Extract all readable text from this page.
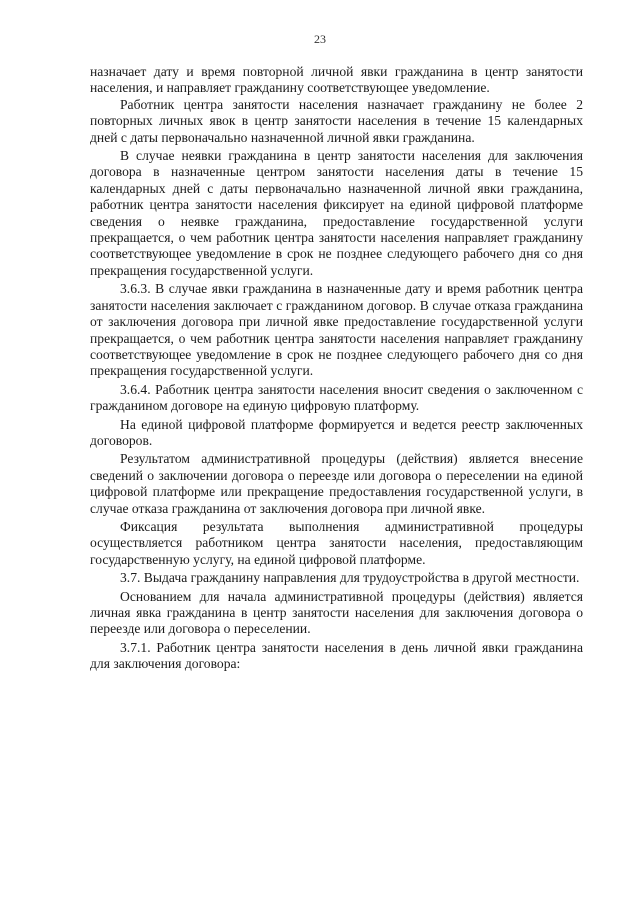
23

назначает дату и время повторной личной явки гражданина в центр занятости населения, и направляет гражданину соответствующее уведомление.

Работник центра занятости населения назначает гражданину не более 2 повторных личных явок в центр занятости населения в течение 15 календарных дней с даты первоначально назначенной личной явки гражданина.

В случае неявки гражданина в центр занятости населения для заключения договора в назначенные центром занятости населения даты в течение 15 календарных дней с даты первоначально назначенной личной явки гражданина, работник центра занятости населения фиксирует на единой цифровой платформе сведения о неявке гражданина, предоставление государственной услуги прекращается, о чем работник центра занятости населения направляет гражданину соответствующее уведомление в срок не позднее следующего рабочего дня со дня прекращения государственной услуги.

3.6.3. В случае явки гражданина в назначенные дату и время работник центра занятости населения заключает с гражданином договор. В случае отказа гражданина от заключения договора при личной явке предоставление государственной услуги прекращается, о чем работник центра занятости населения направляет гражданину соответствующее уведомление в срок не позднее следующего рабочего дня со дня прекращения государственной услуги.

3.6.4. Работник центра занятости населения вносит сведения о заключенном с гражданином договоре на единую цифровую платформу.

На единой цифровой платформе формируется и ведется реестр заключенных договоров.

Результатом административной процедуры (действия) является внесение сведений о заключении договора о переезде или договора о переселении на единой цифровой платформе или прекращение предоставления государственной услуги, в случае отказа гражданина от заключения договора при личной явке.

Фиксация результата выполнения административной процедуры осуществляется работником центра занятости населения, предоставляющим государственную услугу, на единой цифровой платформе.

3.7. Выдача гражданину направления для трудоустройства в другой местности.

Основанием для начала административной процедуры (действия) является личная явка гражданина в центр занятости населения для заключения договора о переезде или договора о переселении.

3.7.1. Работник центра занятости населения в день личной явки гражданина для заключения договора:
